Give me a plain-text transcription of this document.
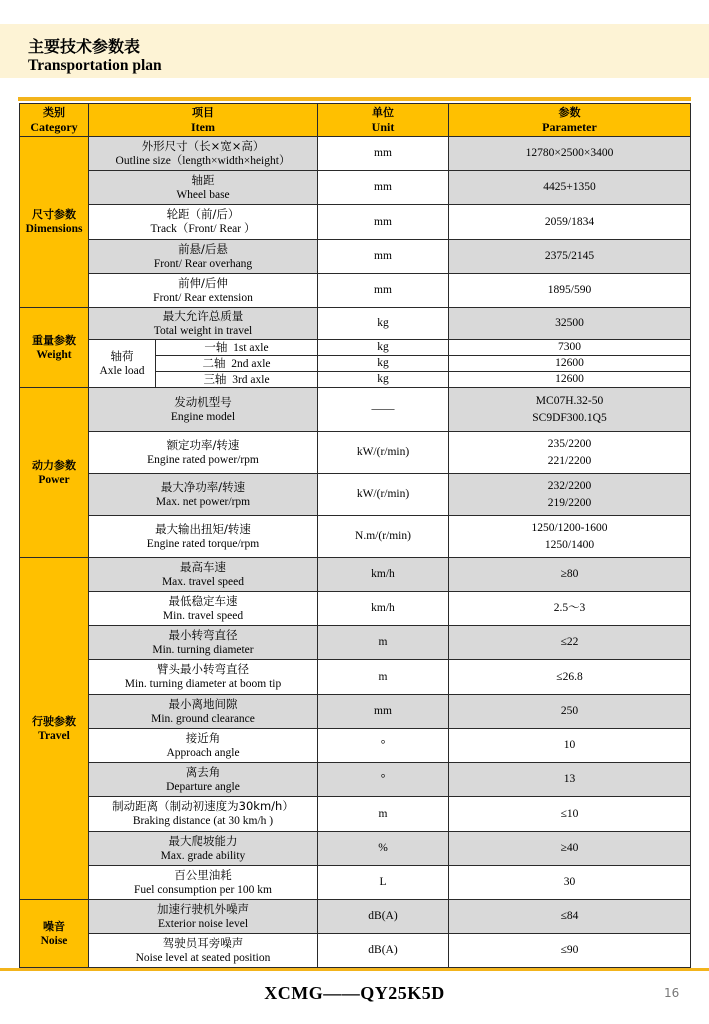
主要技术参数表
Transportation plan
类别
Category	项目
Item		单位
Unit	参数
Parameter

尺寸参数
Dimensions	外形尺寸（长×宽×高）
Outline size（length×width×height）		mm	12780×2500×3400

	轴距
Wheel base		mm	4425+1350

	轮距（前/后）
Track（Front/ Rear ）		mm	2059/1834

	前悬/后悬
Front/ Rear overhang		mm	2375/2145

	前伸/后伸
Front/ Rear extension		mm	1895/590

重量参数
Weight	最大允许总质量
Total weight in travel		kg	32500

	轴荷
Axle load	一轴 1st axle	kg	7300
		二轴 2nd axle	kg	12600
		三轴 3rd axle	kg	12600

动力参数
Power	发动机型号
Engine model		——	MC07H.32-50
SC9DF300.1Q5

	额定功率/转速
Engine rated power/rpm		kW/(r/min)	235/2200
221/2200

	最大净功率/转速
Max. net power/rpm		kW/(r/min)	232/2200
219/2200

	最大输出扭矩/转速
Engine rated torque/rpm		N.m/(r/min)	1250/1200-1600
1250/1400

行驶参数
Travel	最高车速
Max. travel speed		km/h	≥80

	最低稳定车速
Min. travel speed		km/h	2.5～3

	最小转弯直径
Min. turning diameter		m	≤22

	臂头最小转弯直径
Min. turning diameter at boom tip		m	≤26.8

	最小离地间隙
Min. ground clearance		mm	250

	接近角
Approach angle		°	10

	离去角
Departure angle		°	13

	制动距离（制动初速度为30km/h）
Braking distance (at 30 km/h )		m	≤10

	最大爬坡能力
Max. grade ability		%	≥40

	百公里油耗
Fuel consumption per 100 km		L	30

噪音
Noise	加速行驶机外噪声
Exterior noise level		dB(A)	≤84

	驾驶员耳旁噪声
Noise level at seated position		dB(A)	≤90
XCMG——QY25K5D	16
